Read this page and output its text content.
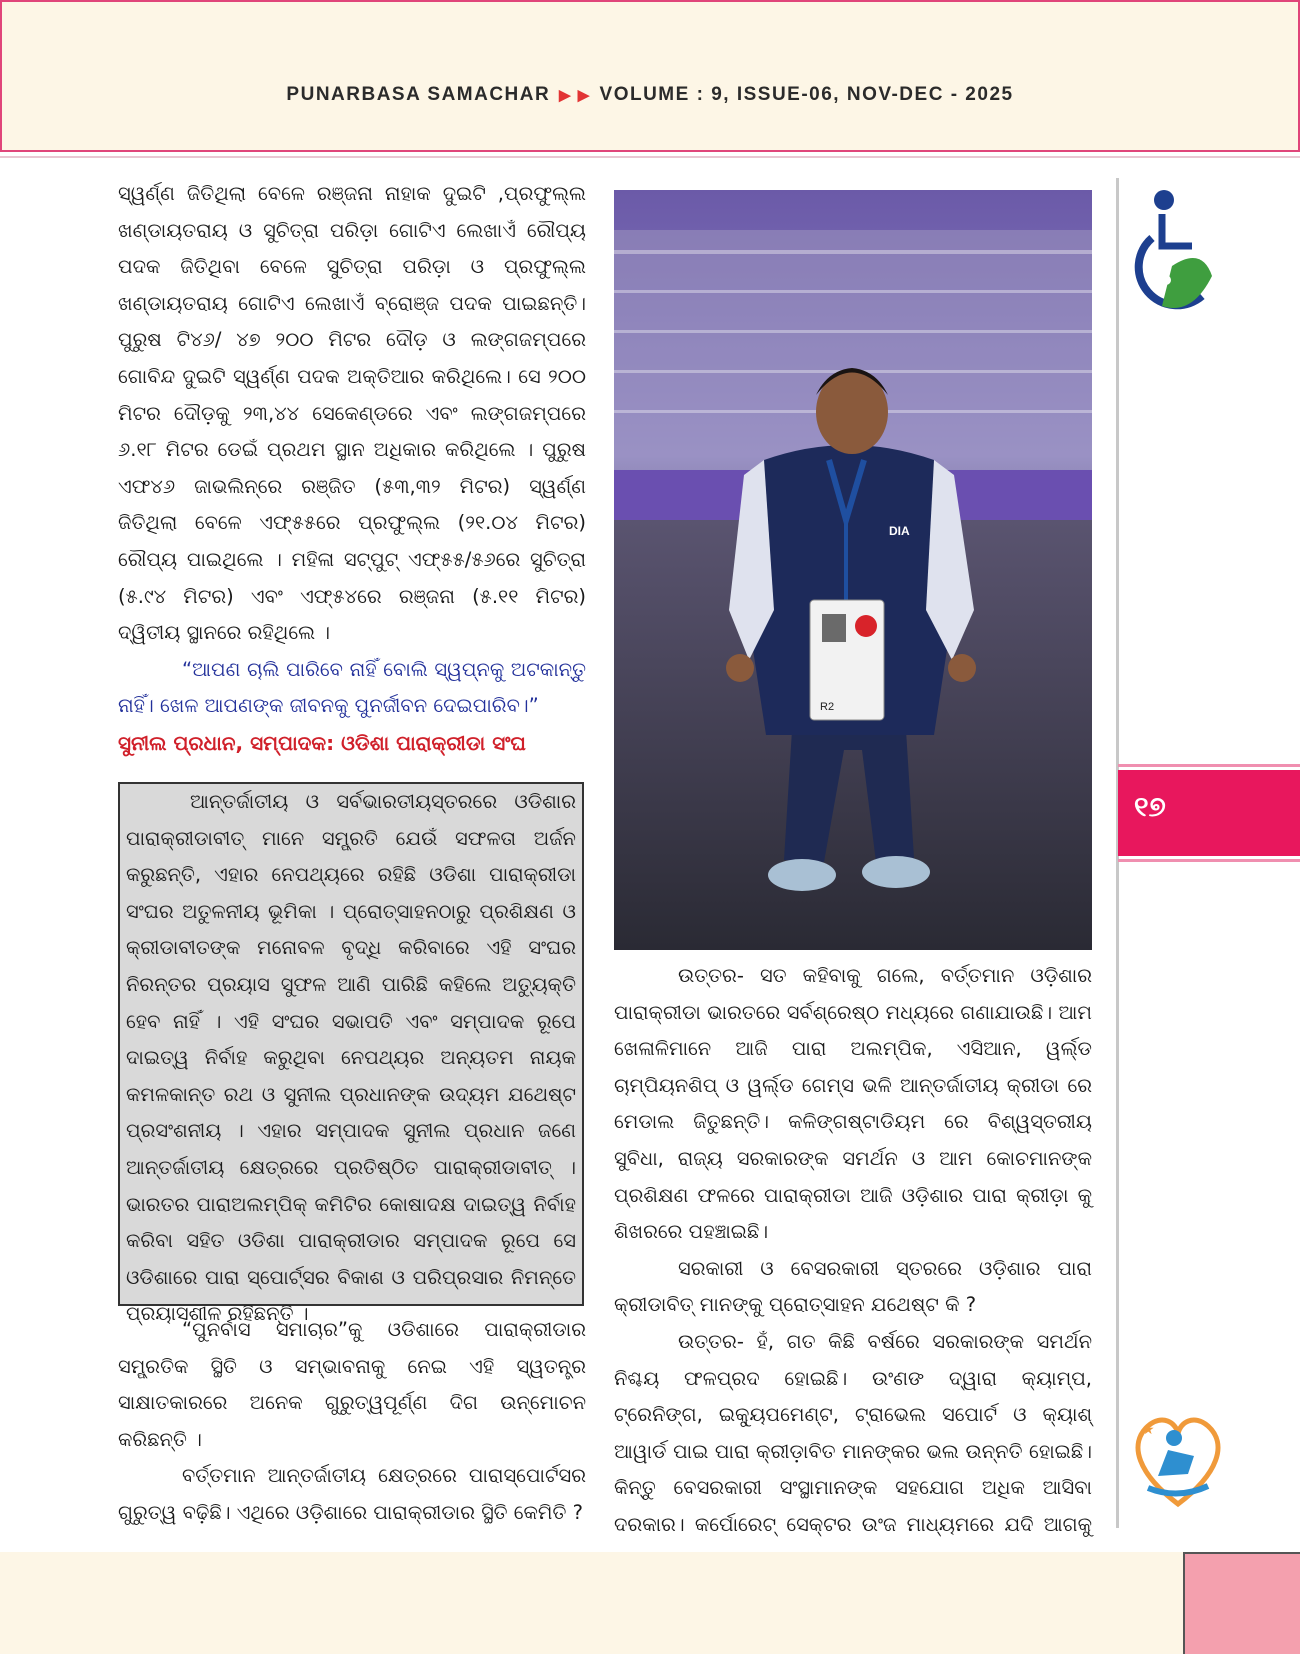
PUNARBASA SAMACHAR ▶ ▶ VOLUME : 9, ISSUE-06, NOV-DEC - 2025

ସ୍ୱର୍ଣ୍ଣ ଜିତିଥିଲା ବେଳେ ରଞ୍ଜନା ନାହାକ ଦୁଇଟି ,ପ୍ରଫୁଲ୍ଲ ଖଣ୍ଡାୟତରାୟ ଓ ସୁଚିତ୍ରା ପରିଡ଼ା ଗୋଟିଏ ଲେଖାଏଁ ରୌପ୍ୟ ପଦକ ଜିତିଥିବା ବେଳେ ସୁଚିତ୍ରା ପରିଡ଼ା ଓ ପ୍ରଫୁଲ୍ଲ ଖଣ୍ଡାୟତରାୟ ଗୋଟିଏ ଲେଖାଏଁ ବ୍ରୋଞ୍ଜ ପଦକ ପାଇଛନ୍ତି। ପୁରୁଷ ଟି୪୬/ ୪୭ ୨୦୦ ମିଟର ଦୌଡ଼ ଓ ଲଙ୍ଗଜମ୍ପରେ ଗୋବିନ୍ଦ ଦୁଇଟି ସ୍ୱର୍ଣ୍ଣ ପଦକ ଅକ୍ତିଆର କରିଥିଲେ। ସେ ୨୦୦ ମିଟର ଦୌଡ଼କୁ ୨୩,୪୪ ସେକେଣ୍ଡରେ ଏବଂ ଲଙ୍ଗଜମ୍ପରେ ୬.୧୮ ମିଟର ଡେଇଁ ପ୍ରଥମ ସ୍ଥାନ ଅଧିକାର କରିଥିଲେ । ପୁରୁଷ ଏଫ୪୬ ଜାଭଲିନ୍‌ରେ ରଞ୍ଜିତ (୫୩,୩୨ ମିଟର) ସ୍ୱର୍ଣ୍ଣ ଜିତିଥିଲା ବେଳେ ଏଫ୍‌୫୫ରେ ପ୍ରଫୁଲ୍ଲ (୨୧.୦୪ ମିଟର) ରୌପ୍ୟ ପାଇଥିଲେ । ମହିଳା ସଟ୍‌ପୁଟ୍ ଏଫ୍‌୫୫/୫୬ରେ ସୁଚିତ୍ରା (୫.୯୪ ମିଟର) ଏବଂ ଏଫ୍‌୫୪ରେ ରଞ୍ଜନା (୫.୧୧ ମିଟର) ଦ୍ୱିତୀୟ ସ୍ଥାନରେ ରହିଥିଲେ ।

“ଆପଣ ଚାଲି ପାରିବେ ନାହିଁ ବୋଲି ସ୍ୱପ୍ନକୁ ଅଟକାନ୍ତୁ ନାହିଁ। ଖେଳ ଆପଣଙ୍କ ଜୀବନକୁ ପୁନର୍ଜୀବନ ଦେଇପାରିବ।”

ସୁନୀଲ ପ୍ରଧାନ, ସମ୍ପାଦକ: ଓଡିଶା ପାରାକ୍ରୀଡା ସଂଘ

ଆନ୍ତର୍ଜାତୀୟ ଓ ସର୍ବଭାରତୀୟସ୍ତରରେ ଓଡିଶାର ପାରାକ୍ରୀଡାବୀତ୍ ମାନେ ସମ୍ପ୍ରତି ଯେଉଁ ସଫଳତା ଅର୍ଜନ କରୁଛନ୍ତି, ଏହାର ନେପଥ୍ୟରେ ରହିଛି ଓଡିଶା ପାରାକ୍ରୀଡା ସଂଘର ଅତୁଳନୀୟ ଭୂମିକା । ପ୍ରୋତ୍ସାହନଠାରୁ ପ୍ରଶିକ୍ଷଣ ଓ କ୍ରୀଡାବୀତଙ୍କ ମନୋବଳ ବୃଦ୍ଧି କରିବାରେ ଏହି ସଂଘର ନିରନ୍ତର ପ୍ରୟାସ ସୁଫଳ ଆଣି ପାରିଛି କହିଲେ ଅତ୍ୟୁକ୍ତି ହେବ ନାହିଁ । ଏହି ସଂଘର ସଭାପତି ଏବଂ ସମ୍ପାଦକ ରୂପେ ଦାଇତ୍ୱ ନିର୍ବାହ କରୁଥିବା ନେପଥ୍ୟର ଅନ୍ୟତମ ନାୟକ କମଳକାନ୍ତ ରଥ ଓ ସୁନୀଲ ପ୍ରଧାନଙ୍କ ଉଦ୍ୟମ ଯଥେଷ୍ଟ ପ୍ରସଂଶନୀୟ । ଏହାର ସମ୍ପାଦକ ସୁନୀଲ ପ୍ରଧାନ ଜଣେ ଆନ୍ତର୍ଜାତୀୟ କ୍ଷେତ୍ରରେ ପ୍ରତିଷ୍ଠିତ ପାରାକ୍ରୀଡାବୀତ୍ । ଭାରତର ପାରାଅଲମ୍ପିକ୍ କମିଟିର କୋଷାଦକ୍ଷ ଦାଇତ୍ୱ ନିର୍ବାହ କରିବା ସହିତ ଓଡିଶା ପାରାକ୍ରୀଡାର ସମ୍ପାଦକ ରୂପେ ସେ ଓଡିଶାରେ ପାରା ସ୍ପୋର୍ଟ୍ସର ବିକାଶ ଓ ପରିପ୍ରସାର ନିମନ୍ତେ ପ୍ରୟାସଶୀଳ ରହିଛନ୍ତି ।

“ପୁନର୍ବାସ ସମାଚାର”କୁ ଓଡିଶାରେ ପାରାକ୍ରୀଡାର ସମ୍ପ୍ରତିକ ସ୍ଥିତି ଓ ସମ୍ଭାବନାକୁ ନେଇ ଏହି ସ୍ୱତନ୍ତ୍ର ସାକ୍ଷାତକାରରେ ଅନେକ ଗୁରୁତ୍ୱପୂର୍ଣ୍ଣ ଦିଗ ଉନ୍ମୋଚନ କରିଛନ୍ତି ।

ବର୍ତ୍ତମାନ ଆନ୍ତର୍ଜାତୀୟ କ୍ଷେତ୍ରରେ ପାରାସ୍ପୋର୍ଟସର ଗୁରୁତ୍ୱ ବଢ଼ିଛି। ଏଥିରେ ଓଡ଼ିଶାରେ ପାରାକ୍ରୀଡାର ସ୍ଥିତି କେମିତି ?

DIA
R2

ଉତ୍ତର- ସତ କହିବାକୁ ଗଲେ, ବର୍ତ୍ତମାନ ଓଡ଼ିଶାର ପାରାକ୍ରୀଡା ଭାରତରେ ସର୍ବଶ୍ରେଷ୍ଠ ମଧ୍ୟରେ ଗଣାଯାଉଛି। ଆମ ଖେଳାଳିମାନେ ଆଜି ପାରା ଅଲମ୍ପିକ, ଏସିଆନ, ୱର୍ଲ୍ଡ ଚାମ୍ପିୟନଶିପ୍ ଓ ୱର୍ଲ୍ଡ ଗେମ୍ସ ଭଳି ଆନ୍ତର୍ଜାତୀୟ କ୍ରୀଡା ରେ ମେଡାଲ ଜିତୁଛନ୍ତି। କଳିଙ୍ଗଷ୍ଟାଡିୟମ ରେ ବିଶ୍ୱସ୍ତରୀୟ ସୁବିଧା, ରାଜ୍ୟ ସରକାରଙ୍କ ସମର୍ଥନ ଓ ଆମ କୋଚମାନଙ୍କ ପ୍ରଶିକ୍ଷଣ ଫଳରେ ପାରାକ୍ରୀଡା ଆଜି ଓଡ଼ିଶାର ପାରା କ୍ରୀଡ଼ା କୁ ଶିଖରରେ ପହଞ୍ଚାଇଛି।

ସରକାରୀ ଓ ବେସରକାରୀ ସ୍ତରରେ ଓଡ଼ିଶାର ପାରା କ୍ରୀଡାବିତ୍ ମାନଙ୍କୁ ପ୍ରୋତ୍ସାହନ ଯଥେଷ୍ଟ କି ?

ଉତ୍ତର- ହଁ, ଗତ କିଛି ବର୍ଷରେ ସରକାରଙ୍କ ସମର୍ଥନ ନିଶ୍ଚୟ ଫଳପ୍ରଦ ହୋଇଛି। ଉଂଣଙ ଦ୍ୱାରା କ୍ୟାମ୍ପ, ଟ୍ରେନିଙ୍ଗ, ଇକ୍ୟୁପମେଣ୍ଟ, ଟ୍ରାଭେଲ ସପୋର୍ଟ ଓ କ୍ୟାଶ୍ ଆୱାର୍ଡ ପାଇ ପାରା କ୍ରୀଡ଼ାବିତ ମାନଙ୍କର ଭଲ ଉନ୍ନତି ହୋଇଛି। କିନ୍ତୁ ବେସରକାରୀ ସଂସ୍ଥାମାନଙ୍କ ସହଯୋଗ ଅଧିକ ଆସିବା ଦରକାର। କର୍ପୋରେଟ୍ ସେକ୍ଟର ଉଂଜ ମାଧ୍ୟମରେ ଯଦି ଆଗକୁ

୧୭
★
